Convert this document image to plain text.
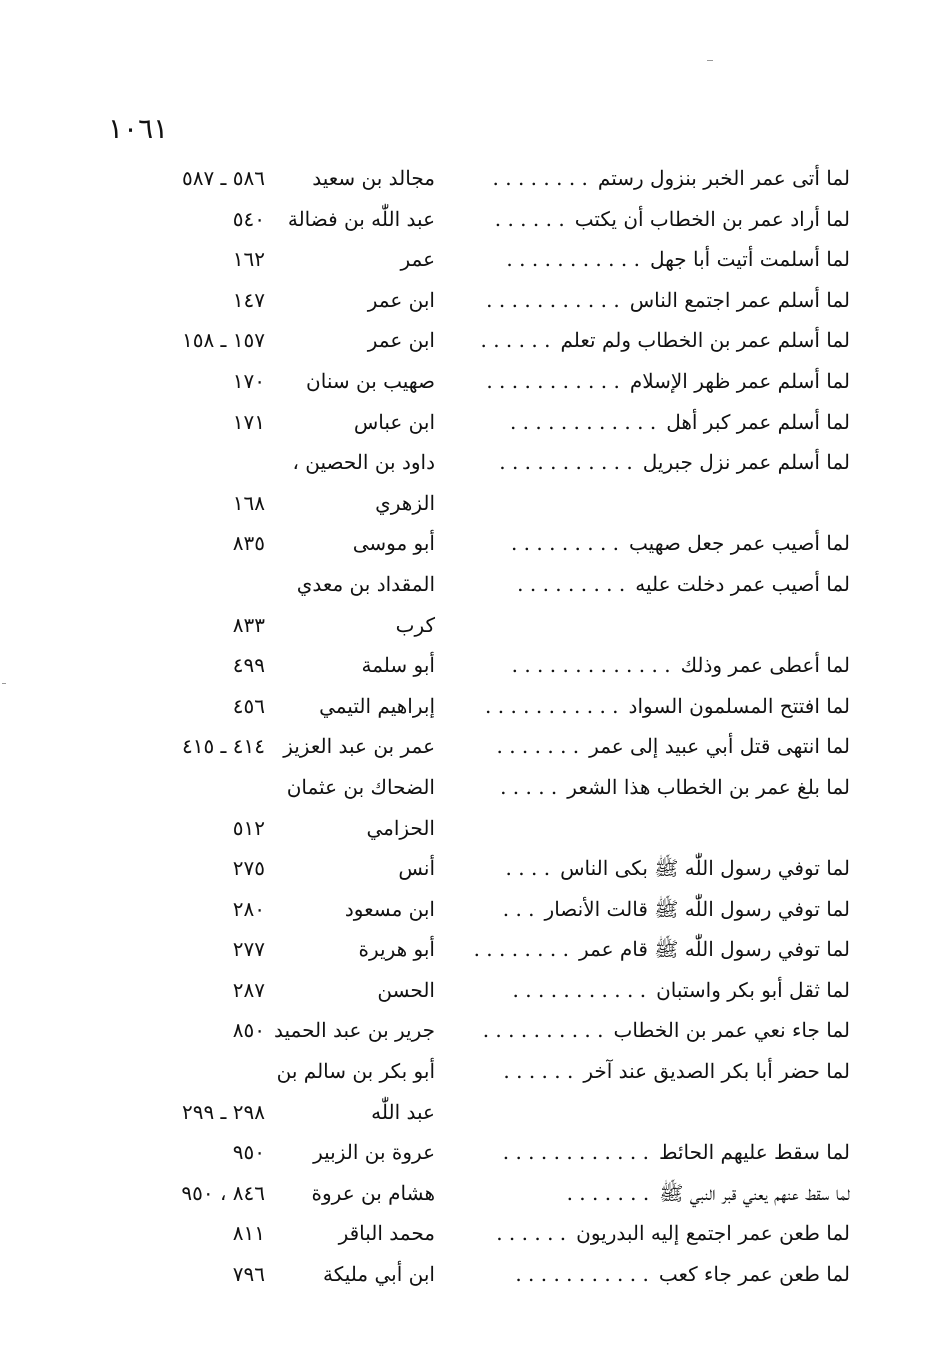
١٠٦١
لما أتى عمر الخبر بنزول رستم. . . . . . . .
مجالد بن سعيد
٥٨٦ ـ ٥٨٧
لما أراد عمر بن الخطاب أن يكتب. . . . . .
عبد اللّٰه بن فضالة
٥٤٠
لما أسلمت أتيت أبا جهل. . . . . . . . . . .
عمر
١٦٢
لما أسلم عمر اجتمع الناس. . . . . . . . . . .
ابن عمر
١٤٧
لما أسلم عمر بن الخطاب ولم تعلم. . . . . .
ابن عمر
١٥٧ ـ ١٥٨
لما أسلم عمر ظهر الإسلام. . . . . . . . . . .
صهيب بن سنان
١٧٠
لما أسلم عمر كبر أهل. . . . . . . . . . . .
ابن عباس
١٧١
لما أسلم عمر نزل جبريل. . . . . . . . . . .
داود بن الحصين ،
الزهري
١٦٨
لما أصيب عمر جعل صهيب. . . . . . . . .
أبو موسى
٨٣٥
لما أصيب عمر دخلت عليه. . . . . . . . .
المقداد بن معدي
كرب
٨٣٣
لما أعطى عمر وذلك. . . . . . . . . . . . .
أبو سلمة
٤٩٩
لما افتتح المسلمون السواد. . . . . . . . . . .
إبراهيم التيمي
٤٥٦
لما انتهى قتل أبي عبيد إلى عمر. . . . . . .
عمر بن عبد العزيز
٤١٤ ـ ٤١٥
لما بلغ عمر بن الخطاب هذا الشعر. . . . .
الضحاك بن عثمان
الحزامي
٥١٢
لما توفي رسول اللّٰه ﷺ بكى الناس. . . .
أنس
٢٧٥
لما توفي رسول اللّٰه ﷺ قالت الأنصار. . .
ابن مسعود
٢٨٠
لما توفي رسول اللّٰه ﷺ قام عمر. . . . . . . .
أبو هريرة
٢٧٧
لما ثقل أبو بكر واستبان. . . . . . . . . . .
الحسن
٢٨٧
لما جاء نعي عمر بن الخطاب. . . . . . . . . .
جرير بن عبد الحميد
٨٥٠
لما حضر أبا بكر الصديق عند آخر. . . . . .
أبو بكر بن سالم بن
عبد اللّٰه
٢٩٨ ـ ٢٩٩
لما سقط عليهم الحائط. . . . . . . . . . . .
عروة بن الزبير
٩٥٠
لما سقط عنهم يعني قبر النبي ﷺ. . . . . . .
هشام بن عروة
٨٤٦ ، ٩٥٠
لما طعن عمر اجتمع إليه البدريون. . . . . .
محمد الباقر
٨١١
لما طعن عمر جاء كعب. . . . . . . . . . .
ابن أبي مليكة
٧٩٦
